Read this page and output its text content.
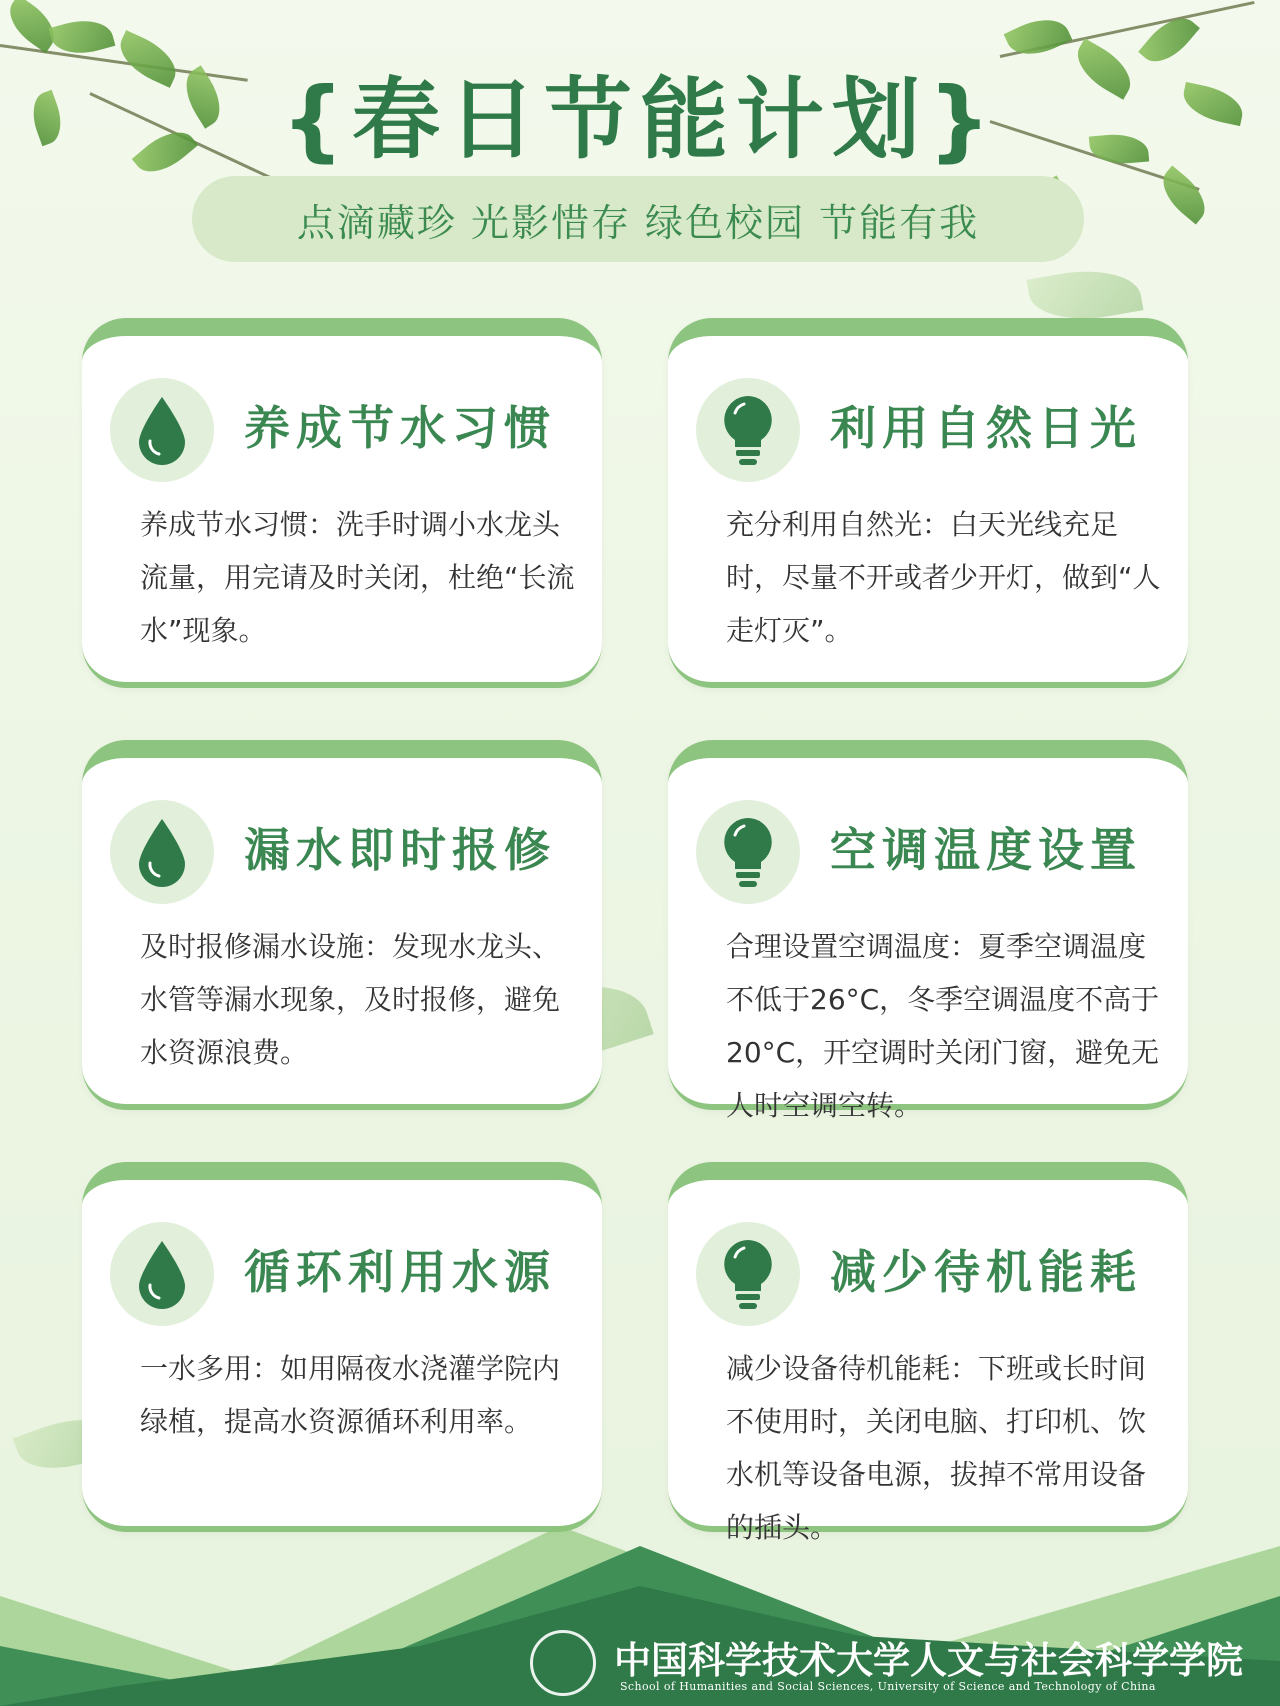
{春日节能计划}
点滴藏珍 光影惜存 绿色校园 节能有我
养成节水习惯
养成节水习惯：洗手时调小水龙头流量，用完请及时关闭，杜绝“长流水”现象。
利用自然日光
充分利用自然光：白天光线充足时，尽量不开或者少开灯，做到“人走灯灭”。
漏水即时报修
及时报修漏水设施：发现水龙头、水管等漏水现象，及时报修，避免水资源浪费。
空调温度设置
合理设置空调温度：夏季空调温度不低于26°C，冬季空调温度不高于20°C，开空调时关闭门窗，避免无人时空调空转。
循环利用水源
一水多用：如用隔夜水浇灌学院内绿植，提高水资源循环利用率。
减少待机能耗
减少设备待机能耗：下班或长时间不使用时，关闭电脑、打印机、饮水机等设备电源，拔掉不常用设备的插头。
中国科学技术大学人文与社会科学学院
School of Humanities and Social Sciences, University of Science and Technology of China
